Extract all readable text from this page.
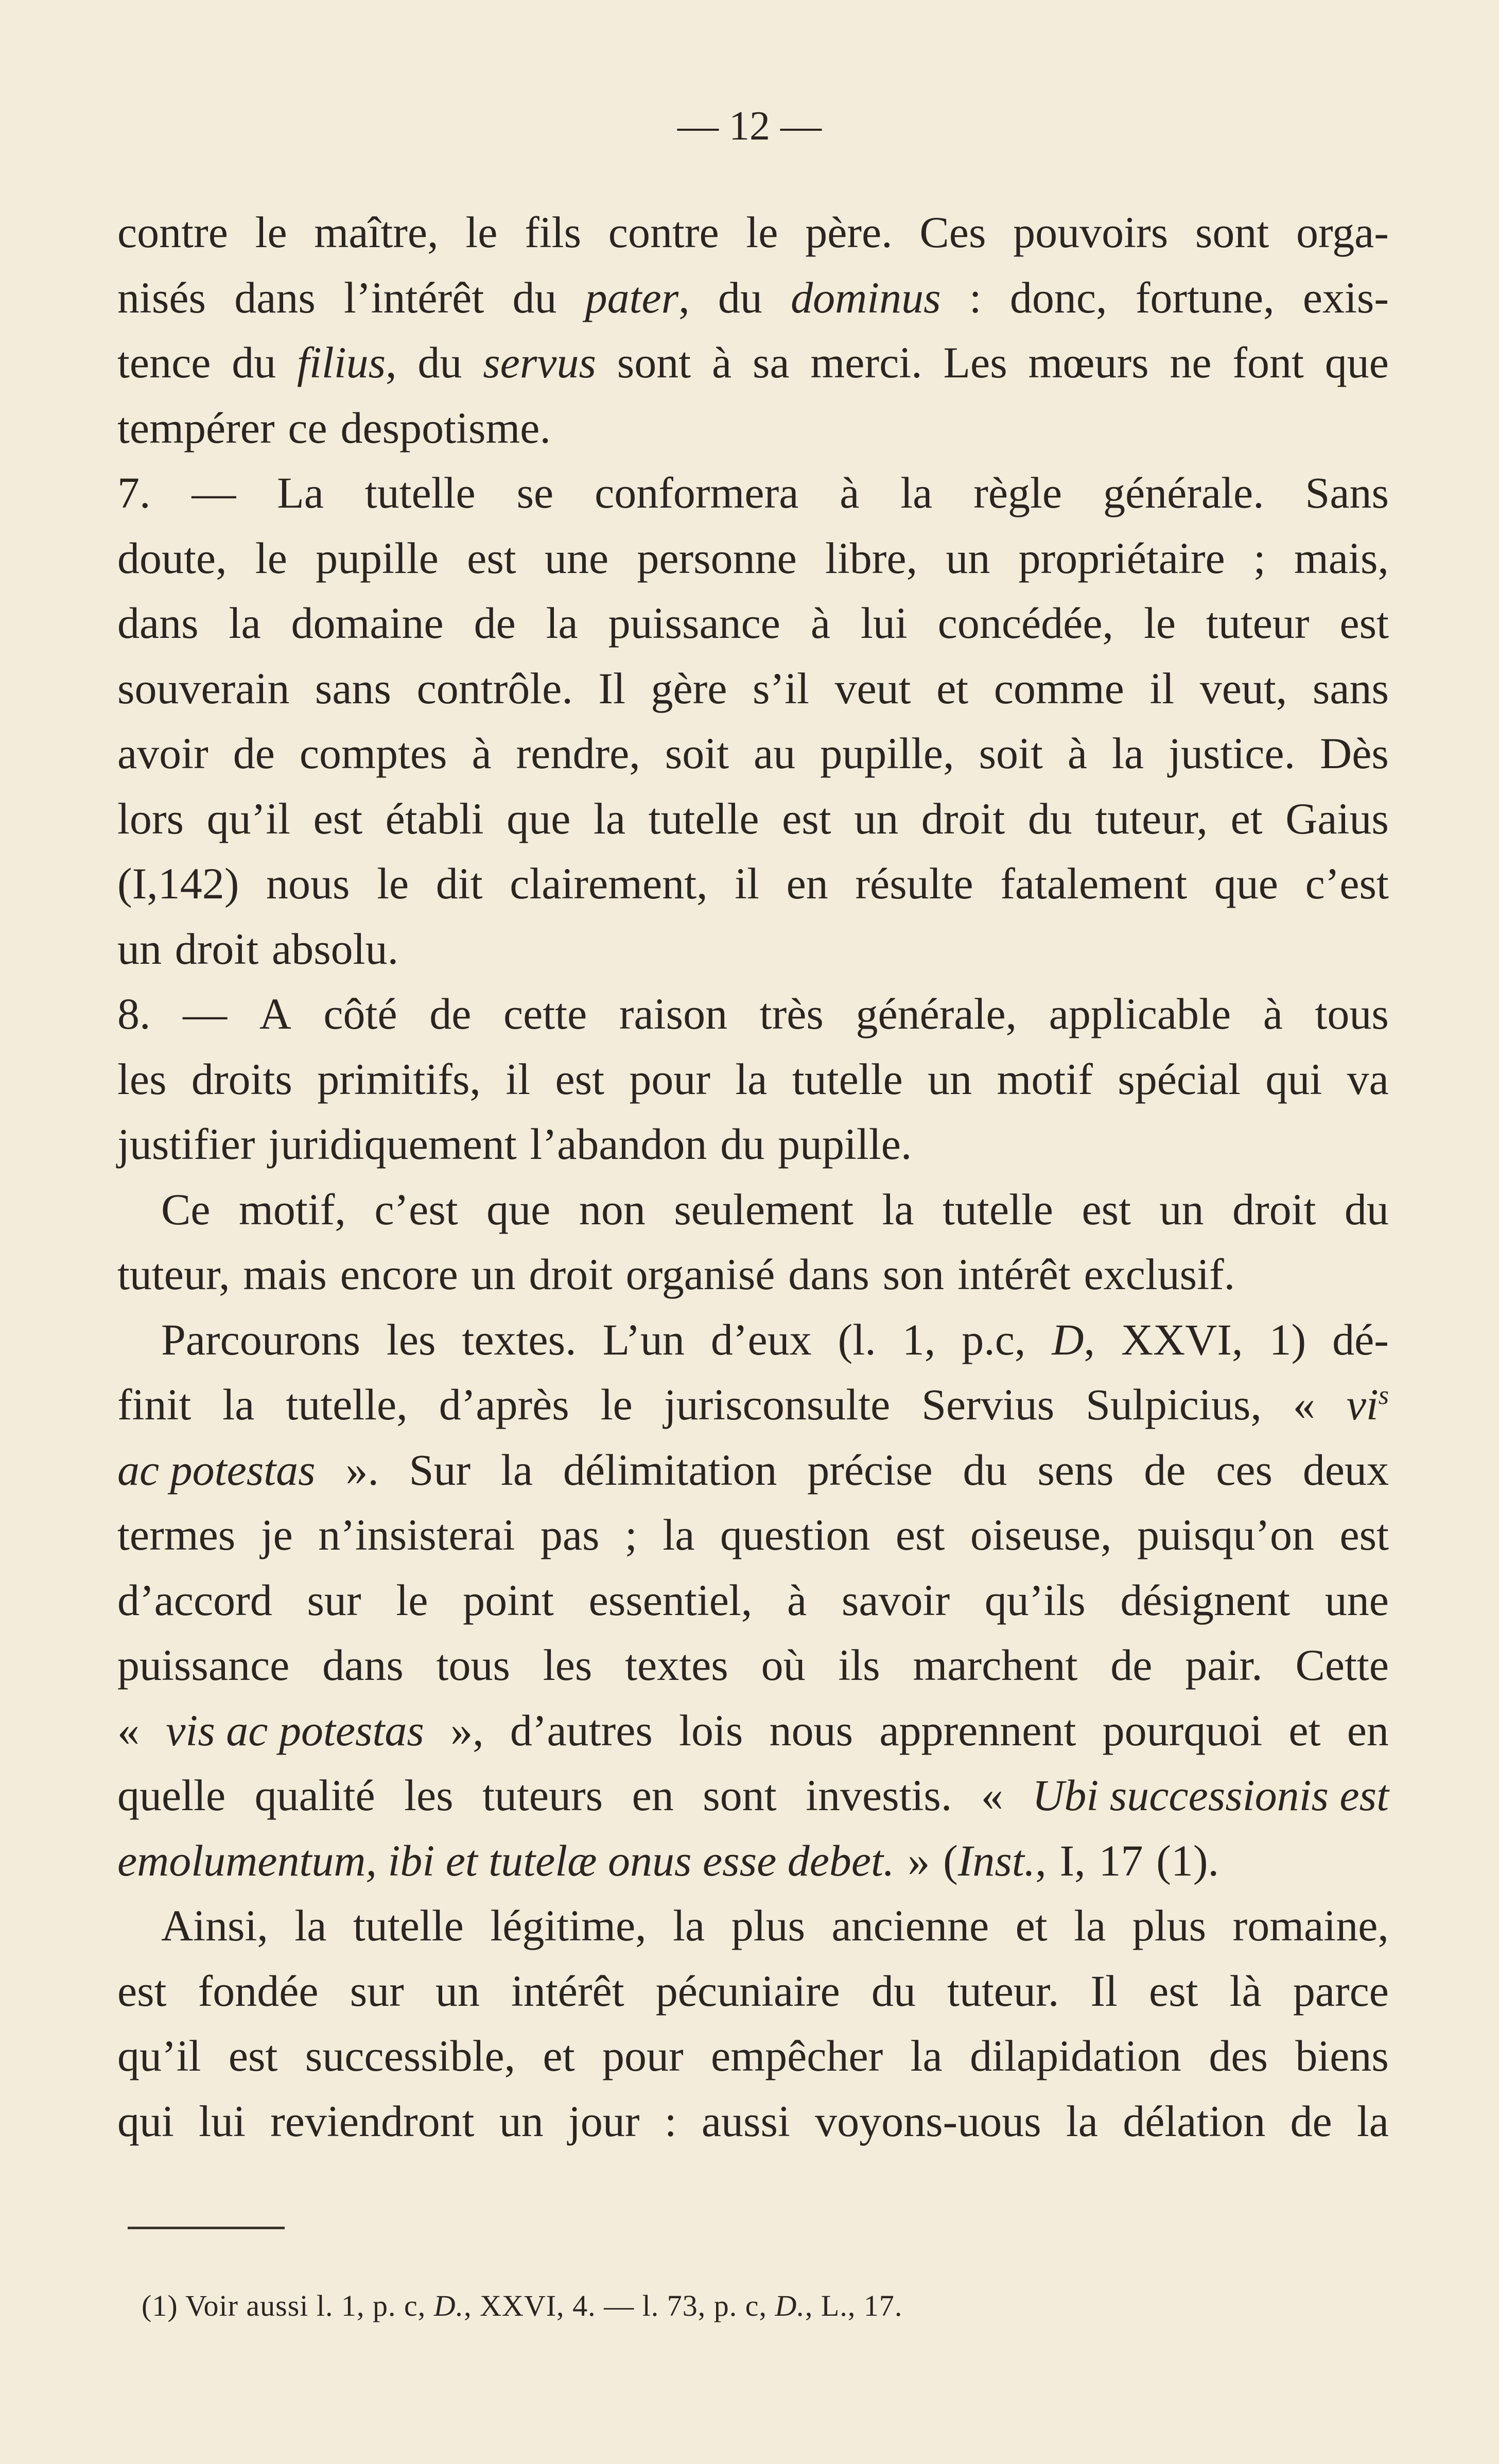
— 12 —
contre le maître, le fils contre le père. Ces pouvoirs sont orga-
nisés dans l’intérêt du pater, du dominus : donc, fortune, exis-
tence du filius, du servus sont à sa merci. Les mœurs ne font que
tempérer ce despotisme.
7. — La tutelle se conformera à la règle générale. Sans
doute, le pupille est une personne libre, un propriétaire ; mais,
dans la domaine de la puissance à lui concédée, le tuteur est
souverain sans contrôle. Il gère s’il veut et comme il veut, sans
avoir de comptes à rendre, soit au pupille, soit à la justice. Dès
lors qu’il est établi que la tutelle est un droit du tuteur, et Gaius
(I,142) nous le dit clairement, il en résulte fatalement que c’est
un droit absolu.
8. — A côté de cette raison très générale, applicable à tous
les droits primitifs, il est pour la tutelle un motif spécial qui va
justifier juridiquement l’abandon du pupille.
Ce motif, c’est que non seulement la tutelle est un droit du
tuteur, mais encore un droit organisé dans son intérêt exclusif.
Parcourons les textes. L’un d’eux (l. 1, p.c, D, XXVI, 1) dé-
finit la tutelle, d’après le jurisconsulte Servius Sulpicius, « vis
ac potestas ». Sur la délimitation précise du sens de ces deux
termes je n’insisterai pas ; la question est oiseuse, puisqu’on est
d’accord sur le point essentiel, à savoir qu’ils désignent une
puissance dans tous les textes où ils marchent de pair. Cette
« vis ac potestas », d’autres lois nous apprennent pourquoi et en
quelle qualité les tuteurs en sont investis. « Ubi successionis est
emolumentum, ibi et tutelæ onus esse debet. » (Inst., I, 17 (1).
Ainsi, la tutelle légitime, la plus ancienne et la plus romaine,
est fondée sur un intérêt pécuniaire du tuteur. Il est là parce
qu’il est successible, et pour empêcher la dilapidation des biens
qui lui reviendront un jour : aussi voyons-uous la délation de la
(1) Voir aussi l. 1, p. c, D., XXVI, 4. — l. 73, p. c, D., L., 17.
